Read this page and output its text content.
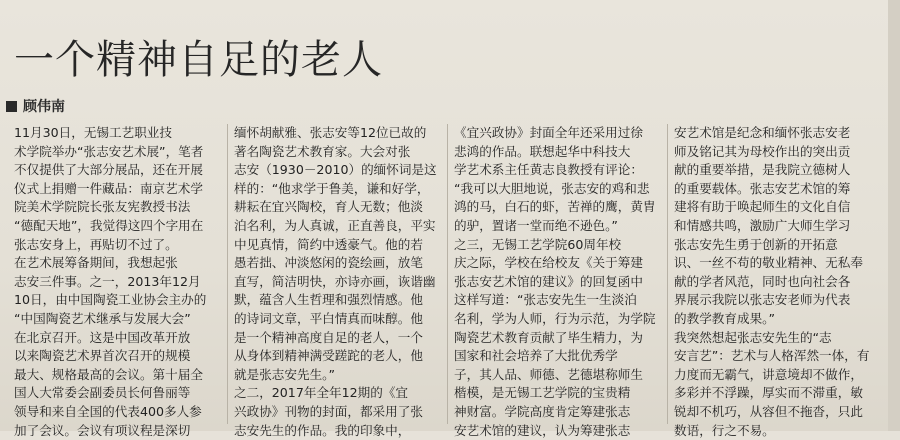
一个精神自足的老人
顾伟南
11月30日，无锡工艺职业技
术学院举办“张志安艺术展”，笔者
不仅提供了大部分展品，还在开展
仪式上捐赠一件藏品：南京艺术学
院美术学院院长张友宪教授书法
“德配天地”，我觉得这四个字用在
张志安身上，再贴切不过了。
在艺术展筹备期间，我想起张
志安三件事。之一，2013年12月
10日，由中国陶瓷工业协会主办的
“中国陶瓷艺术继承与发展大会”
在北京召开。这是中国改革开放
以来陶瓷艺术界首次召开的规模
最大、规格最高的会议。第十届全
国人大常委会副委员长何鲁丽等
领导和来自全国的代表400多人参
加了会议。会议有项议程是深切
缅怀胡献雅、张志安等12位已故的
著名陶瓷艺术教育家。大会对张
志安（1930－2010）的缅怀词是这
样的：“他求学于鲁美，谦和好学，
耕耘在宜兴陶校，育人无数；他淡
泊名利，为人真诚，正直善良，平实
中见真情，简约中透豪气。他的若
愚若拙、冲淡悠闲的瓷绘画，放笔
直写，简洁明快，亦诗亦画，诙谐幽
默，蕴含人生哲理和强烈情感。他
的诗词文章，平白情真而味醇。他
是一个精神高度自足的老人，一个
从身体到精神满受蹉跎的老人，他
就是张志安先生。”
之二，2017年全年12期的《宜
兴政协》刊物的封面，都采用了张
志安先生的作品。我的印象中，
《宜兴政协》封面全年还采用过徐
悲鸿的作品。联想起华中科技大
学艺术系主任黄志良教授有评论：
“我可以大胆地说，张志安的鸡和悲
鸿的马，白石的虾，苦禅的鹰，黄胄
的驴，置诸一堂而绝不逊色。”
之三，无锡工艺学院60周年校
庆之际，学校在给校友《关于筹建
张志安艺术馆的建议》的回复函中
这样写道：“张志安先生一生淡泊
名利，学为人师，行为示范，为学院
陶瓷艺术教育贡献了毕生精力，为
国家和社会培养了大批优秀学
子，其人品、师德、艺德堪称师生
楷模，是无锡工艺学院的宝贵精
神财富。学院高度肯定筹建张志
安艺术馆的建议，认为筹建张志
安艺术馆是纪念和缅怀张志安老
师及铭记其为母校作出的突出贡
献的重要举措，是我院立德树人
的重要载体。张志安艺术馆的筹
建将有助于唤起师生的文化自信
和情感共鸣，激励广大师生学习
张志安先生勇于创新的开拓意
识、一丝不苟的敬业精神、无私奉
献的学者风范，同时也向社会各
界展示我院以张志安老师为代表
的教学教育成果。”
我突然想起张志安先生的“志
安言艺”：艺术与人格浑然一体，有
力度而无霸气，讲意境却不做作，
多彩并不浮躁，厚实而不滞重，敏
锐却不机巧，从容但不拖沓，只此
数语，行之不易。
